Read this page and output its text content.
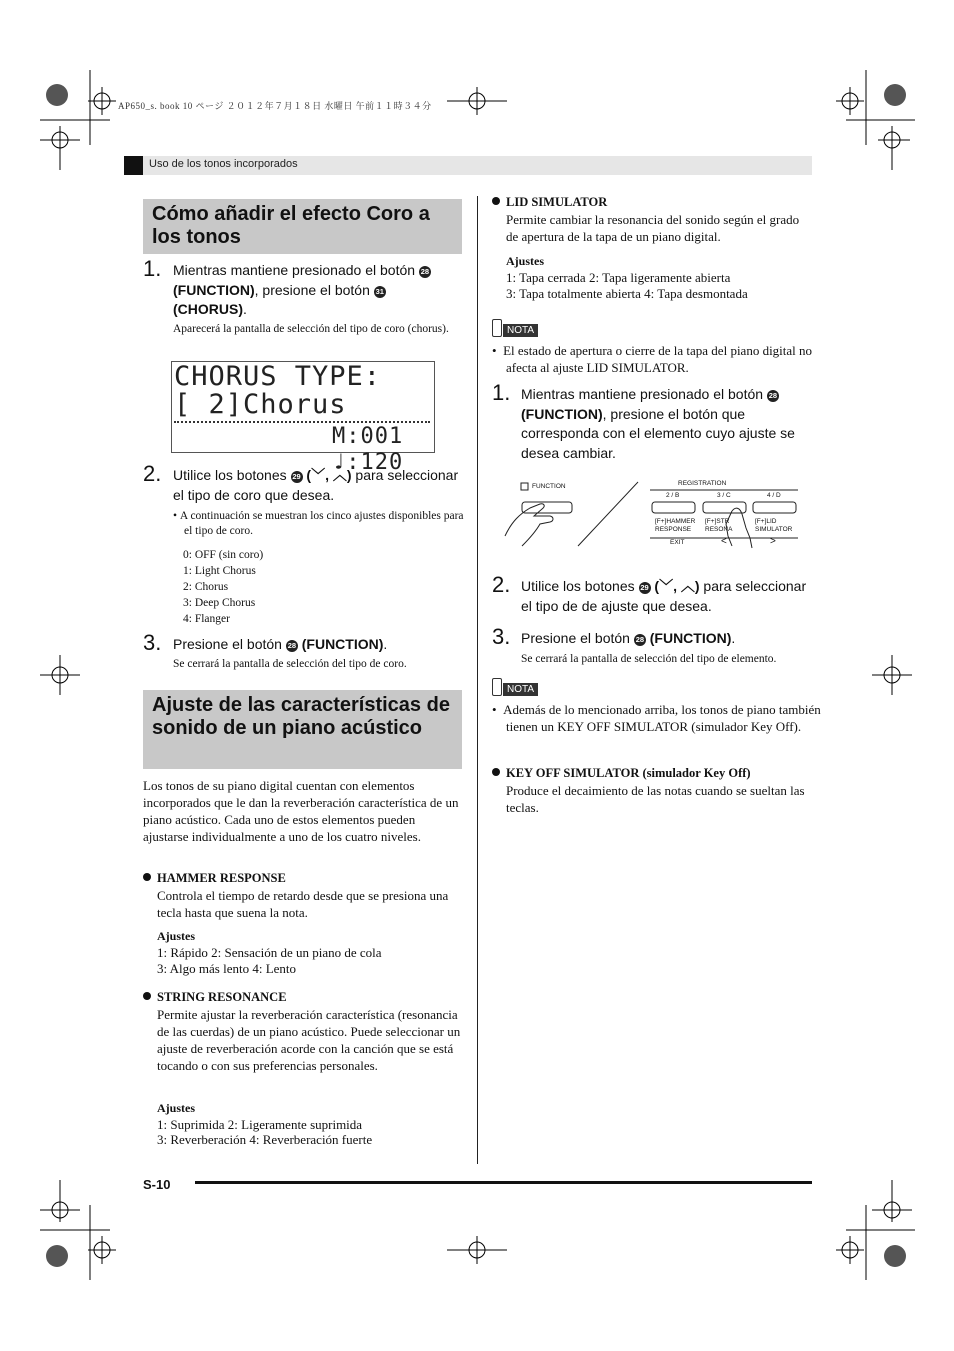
AP650_s. book 10 ページ ２０１２年７月１８日 水曜日 午前１１時３４分
Uso de los tonos incorporados
Cómo añadir el efecto Coro a los tonos
1. Mientras mantiene presionado el botón 28 (FUNCTION), presione el botón 31 (CHORUS).
Aparecerá la pantalla de selección del tipo de coro (chorus).
CHORUS TYPE:
[ 2]Chorus
M:001 ♩:120
2. Utilice los botones 29 (﹀, ︿) para seleccionar el tipo de coro que desea.
• A continuación se muestran los cinco ajustes disponibles para el tipo de coro.
0: OFF (sin coro)
1: Light Chorus
2: Chorus
3: Deep Chorus
4: Flanger
3. Presione el botón 28 (FUNCTION).
Se cerrará la pantalla de selección del tipo de coro.
Ajuste de las características de sonido de un piano acústico
Los tonos de su piano digital cuentan con elementos incorporados que le dan la reverberación característica de un piano acústico. Cada uno de estos elementos pueden ajustarse individualmente a uno de los cuatro niveles.
HAMMER RESPONSE
Controla el tiempo de retardo desde que se presiona una tecla hasta que suena la nota.
Ajustes
1: Rápido 2: Sensación de un piano de cola
3: Algo más lento 4: Lento
STRING RESONANCE
Permite ajustar la reverberación característica (resonancia de las cuerdas) de un piano acústico. Puede seleccionar un ajuste de reverberación acorde con la canción que se está tocando o con sus preferencias personales.
Ajustes
1: Suprimida 2: Ligeramente suprimida
3: Reverberación 4: Reverberación fuerte
LID SIMULATOR
Permite cambiar la resonancia del sonido según el grado de apertura de la tapa de un piano digital.
Ajustes
1: Tapa cerrada 2: Tapa ligeramente abierta
3: Tapa totalmente abierta 4: Tapa desmontada
NOTA
•  El estado de apertura o cierre de la tapa del piano digital no afecta al ajuste LID SIMULATOR.
1. Mientras mantiene presionado el botón 28 (FUNCTION), presione el botón que corresponda con el elemento cuyo ajuste se desea cambiar.
FUNCTION	REGISTRATION
2 / B	3 / C	4 / D
[F+]HAMMER
RESPONSE
[F+]STR
RESONA
[F+]LID
SIMULATOR
EXIT	<	>
2. Utilice los botones 29 (﹀, ︿) para seleccionar el tipo de de ajuste que desea.
3. Presione el botón 28 (FUNCTION).
Se cerrará la pantalla de selección del tipo de elemento.
NOTA
•  Además de lo mencionado arriba, los tonos de piano también tienen un KEY OFF SIMULATOR (simulador Key Off).
KEY OFF SIMULATOR (simulador Key Off)
Produce el decaimiento de las notas cuando se sueltan las teclas.
S-10
